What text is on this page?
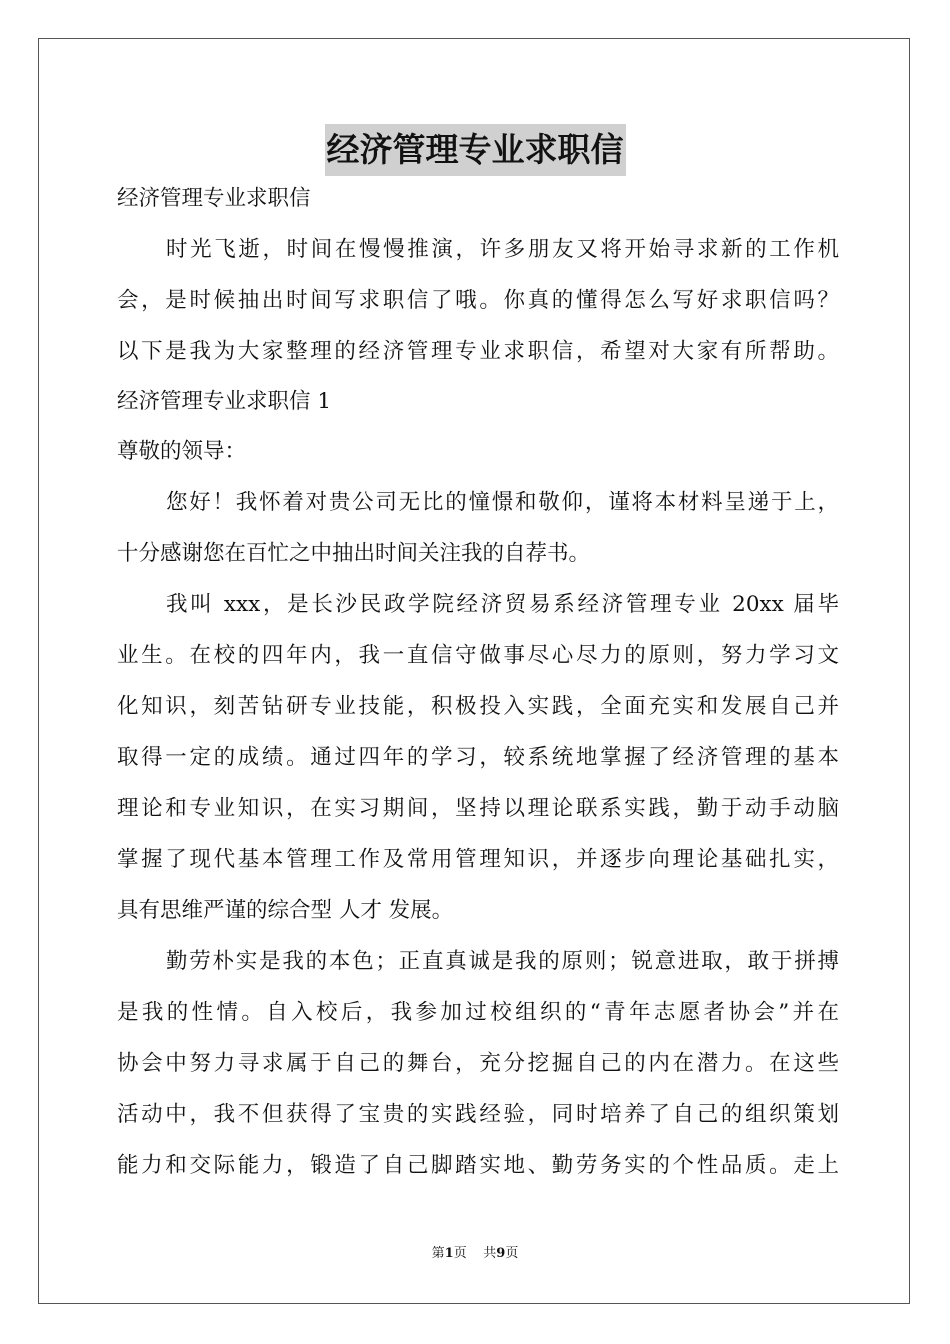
经济管理专业求职信
经济管理专业求职信
时光飞逝，时间在慢慢推演，许多朋友又将开始寻求新的工作机
会，是时候抽出时间写求职信了哦。你真的懂得怎么写好求职信吗？
以下是我为大家整理的经济管理专业求职信，希望对大家有所帮助。
经济管理专业求职信 1
尊敬的领导：
您好！我怀着对贵公司无比的憧憬和敬仰，谨将本材料呈递于上，
十分感谢您在百忙之中抽出时间关注我的自荐书。
我叫 xxx，是长沙民政学院经济贸易系经济管理专业 20xx 届毕
业生。在校的四年内，我一直信守做事尽心尽力的原则，努力学习文
化知识，刻苦钻研专业技能，积极投入实践，全面充实和发展自己并
取得一定的成绩。通过四年的学习，较系统地掌握了经济管理的基本
理论和专业知识，在实习期间，坚持以理论联系实践，勤于动手动脑
掌握了现代基本管理工作及常用管理知识，并逐步向理论基础扎实，
具有思维严谨的综合型 人才 发展。
勤劳朴实是我的本色；正直真诚是我的原则；锐意进取，敢于拼搏
是我的性情。自入校后，我参加过校组织的“青年志愿者协会”并在
协会中努力寻求属于自己的舞台，充分挖掘自己的内在潜力。在这些
活动中，我不但获得了宝贵的实践经验，同时培养了自己的组织策划
能力和交际能力，锻造了自己脚踏实地、勤劳务实的个性品质。走上
第1页 共9页
